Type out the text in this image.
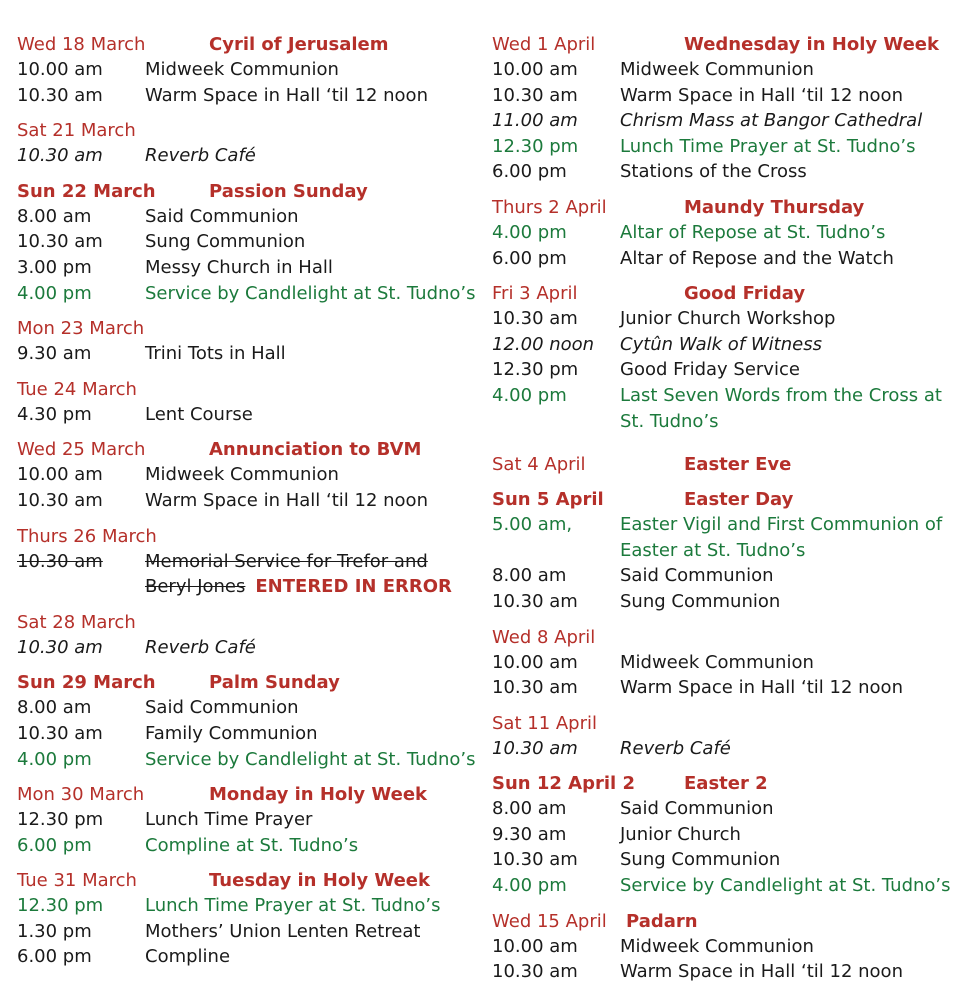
Wed 18 March	Cyril of Jerusalem
10.00 am	Midweek Communion
10.30 am	Warm Space in Hall ‘til 12 noon
Sat 21 March
10.30 am	Reverb Café
Sun 22 March	Passion Sunday
8.00 am	Said Communion
10.30 am	Sung Communion
3.00 pm	Messy Church in Hall
4.00 pm	Service by Candlelight at St. Tudno’s
Mon 23 March
9.30 am	Trini Tots in Hall
Tue 24 March
4.30 pm	Lent Course
Wed 25 March	Annunciation to BVM
10.00 am	Midweek Communion
10.30 am	Warm Space in Hall ‘til 12 noon
Thurs 26 March
10.30 am	Memorial Service for Trefor and Beryl Jones ENTERED IN ERROR
Sat 28 March
10.30 am	Reverb Café
Sun 29 March	Palm Sunday
8.00 am	Said Communion
10.30 am	Family Communion
4.00 pm	Service by Candlelight at St. Tudno’s
Mon 30 March	Monday in Holy Week
12.30 pm	Lunch Time Prayer
6.00 pm	Compline at St. Tudno’s
Tue 31 March	Tuesday in Holy Week
12.30 pm	Lunch Time Prayer at St. Tudno’s
1.30 pm	Mothers’ Union Lenten Retreat
6.00 pm	Compline
Wed 1 April	Wednesday in Holy Week
10.00 am	Midweek Communion
10.30 am	Warm Space in Hall ‘til 12 noon
11.00 am	Chrism Mass at Bangor Cathedral
12.30 pm	Lunch Time Prayer at St. Tudno’s
6.00 pm	Stations of the Cross
Thurs 2 April	Maundy Thursday
4.00 pm	Altar of Repose at St. Tudno’s
6.00 pm	Altar of Repose and the Watch
Fri 3 April	Good Friday
10.30 am	Junior Church Workshop
12.00 noon	Cytûn Walk of Witness
12.30 pm	Good Friday Service
4.00 pm	Last Seven Words from the Cross at St. Tudno’s
Sat 4 April	Easter Eve
Sun 5 April	Easter Day
5.00 am,	Easter Vigil and First Communion of Easter at St. Tudno’s
8.00 am	Said Communion
10.30 am	Sung Communion
Wed 8 April
10.00 am	Midweek Communion
10.30 am	Warm Space in Hall ‘til 12 noon
Sat 11 April
10.30 am	Reverb Café
Sun 12 April 2	Easter 2
8.00 am	Said Communion
9.30 am	Junior Church
10.30 am	Sung Communion
4.00 pm	Service by Candlelight at St. Tudno’s
Wed 15 April Padarn
10.00 am	Midweek Communion
10.30 am	Warm Space in Hall ‘til 12 noon
